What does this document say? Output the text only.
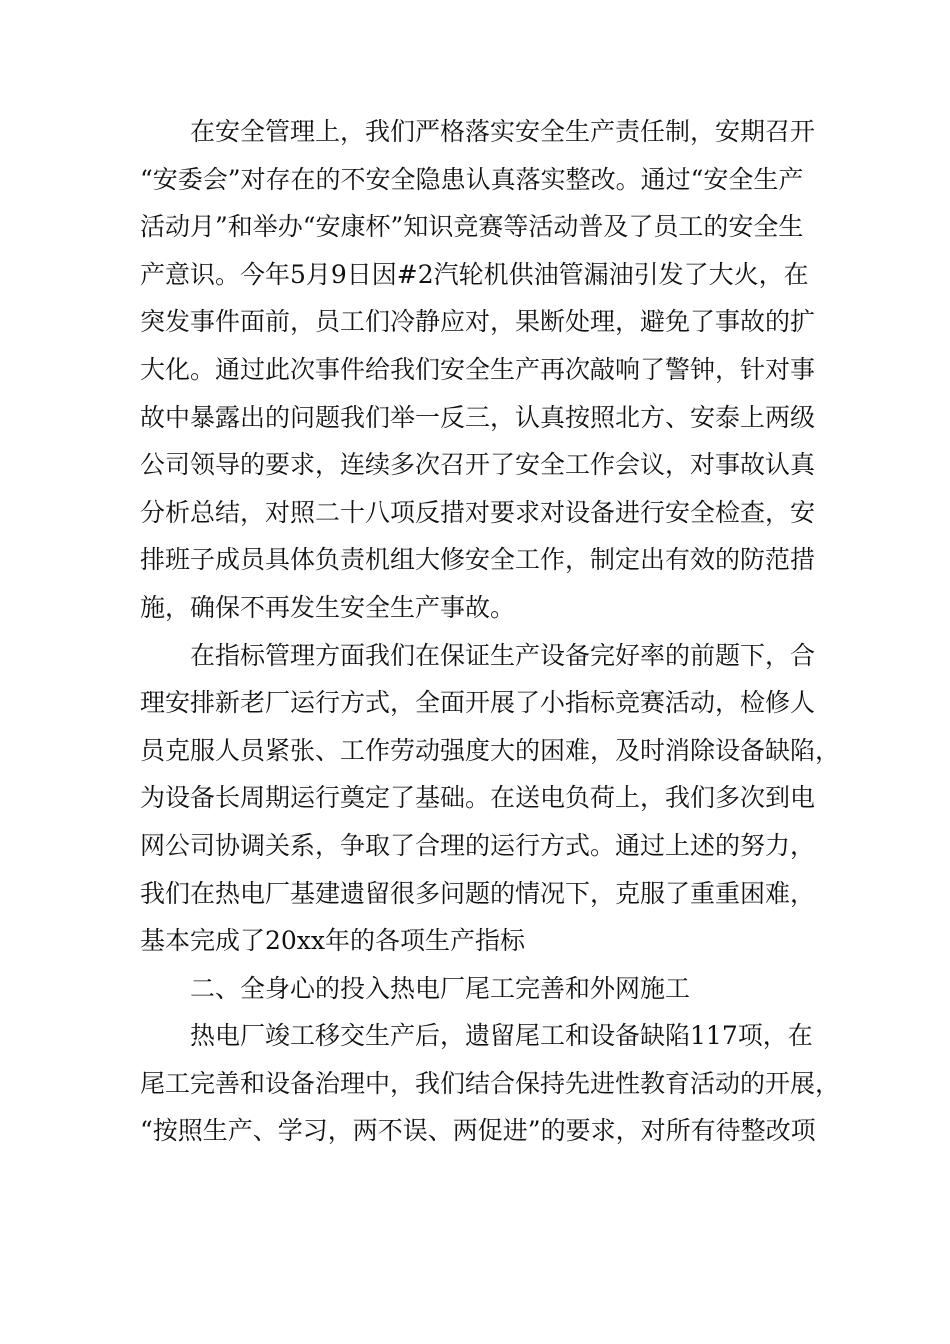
在安全管理上，我们严格落实安全生产责任制，安期召开
“安委会”对存在的不安全隐患认真落实整改。通过“安全生产
活动月”和举办“安康杯”知识竞赛等活动普及了员工的安全生
产意识。今年5月9日因#2汽轮机供油管漏油引发了大火，在
突发事件面前，员工们冷静应对，果断处理，避免了事故的扩
大化。通过此次事件给我们安全生产再次敲响了警钟，针对事
故中暴露出的问题我们举一反三，认真按照北方、安泰上两级
公司领导的要求，连续多次召开了安全工作会议，对事故认真
分析总结，对照二十八项反措对要求对设备进行安全检查，安
排班子成员具体负责机组大修安全工作，制定出有效的防范措
施，确保不再发生安全生产事故。
在指标管理方面我们在保证生产设备完好率的前题下，合
理安排新老厂运行方式，全面开展了小指标竞赛活动，检修人
员克服人员紧张、工作劳动强度大的困难，及时消除设备缺陷，
为设备长周期运行奠定了基础。在送电负荷上，我们多次到电
网公司协调关系，争取了合理的运行方式。通过上述的努力，
我们在热电厂基建遗留很多问题的情况下，克服了重重困难，
基本完成了20xx年的各项生产指标
二、全身心的投入热电厂尾工完善和外网施工
热电厂竣工移交生产后，遗留尾工和设备缺陷117项，在
尾工完善和设备治理中，我们结合保持先进性教育活动的开展，
“按照生产、学习，两不误、两促进”的要求，对所有待整改项
